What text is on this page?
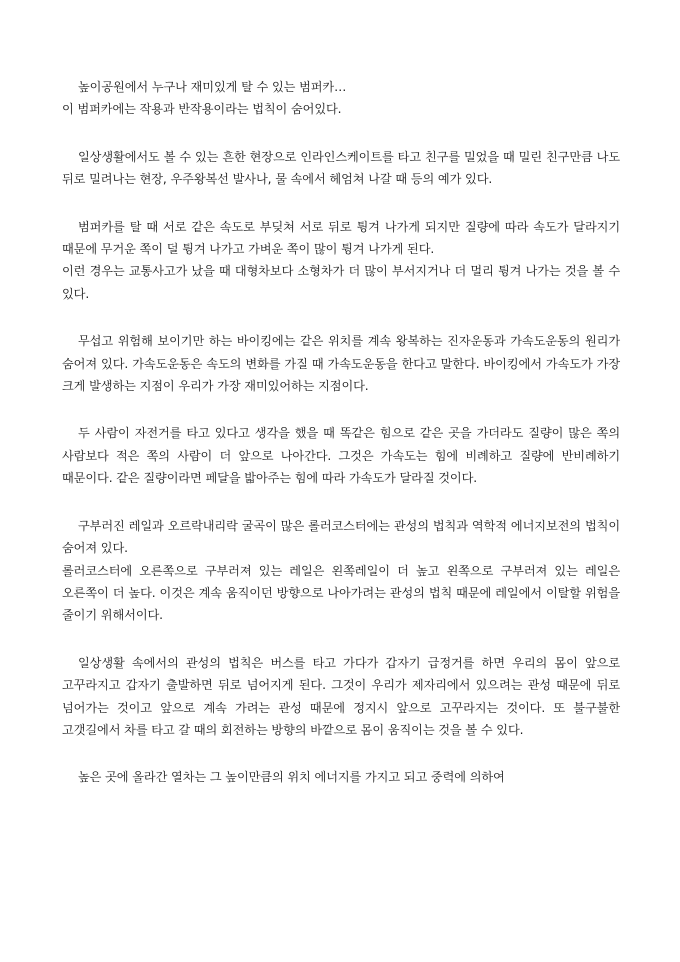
높이공원에서 누구나 재미있게 탈 수 있는 범퍼카…
이 범퍼카에는 작용과 반작용이라는 법칙이 숨어있다.

일상생활에서도 볼 수 있는 흔한 현장으로 인라인스케이트를 타고 친구를 밀었을 때 밀린 친구만큼 나도 뒤로 밀려나는 현장, 우주왕복선 발사나, 물 속에서 헤엄쳐 나갈 때 등의 예가 있다.

범퍼카를 탈 때 서로 같은 속도로 부딪쳐 서로 뒤로 튕겨 나가게 되지만 질량에 따라 속도가 달라지기 때문에 무거운 쪽이 덜 튕겨 나가고 가벼운 쪽이 많이 튕겨 나가게 된다.
이런 경우는 교통사고가 났을 때 대형차보다 소형차가 더 많이 부서지거나 더 멀리 튕겨 나가는 것을 볼 수 있다.

무섭고 위험해 보이기만 하는 바이킹에는 같은 위치를 계속 왕복하는 진자운동과 가속도운동의 원리가 숨어져 있다. 가속도운동은 속도의 변화를 가질 때 가속도운동을 한다고 말한다. 바이킹에서 가속도가 가장 크게 발생하는 지점이 우리가 가장 재미있어하는 지점이다.

두 사람이 자전거를 타고 있다고 생각을 했을 때 똑같은 힘으로 같은 곳을 가더라도 질량이 많은 쪽의 사람보다 적은 쪽의 사람이 더 앞으로 나아간다. 그것은 가속도는 힘에 비례하고 질량에 반비례하기 때문이다. 같은 질량이라면 페달을 밟아주는 힘에 따라 가속도가 달라질 것이다.

구부러진 레일과 오르락내리락 굴곡이 많은 롤러코스터에는 관성의 법칙과 역학적 에너지보전의 법칙이 숨어져 있다.
롤러코스터에 오른쪽으로 구부러져 있는 레일은 왼쪽레일이 더 높고 왼쪽으로 구부러져 있는 레일은 오른쪽이 더 높다. 이것은 계속 움직이던 방향으로 나아가려는 관성의 법칙 때문에 레일에서 이탈할 위험을 줄이기 위해서이다.

일상생활 속에서의 관성의 법칙은 버스를 타고 가다가 갑자기 급정거를 하면 우리의 몸이 앞으로 고꾸라지고 갑자기 출발하면 뒤로 넘어지게 된다. 그것이 우리가 제자리에서 있으려는 관성 때문에 뒤로 넘어가는 것이고 앞으로 계속 가려는 관성 때문에 정지시 앞으로 고꾸라지는 것이다. 또 불구불한 고갯길에서 차를 타고 갈 때의 회전하는 방향의 바깥으로 몸이 움직이는 것을 볼 수 있다.

높은 곳에 올라간 열차는 그 높이만큼의 위치 에너지를 가지고 되고 중력에 의하여
